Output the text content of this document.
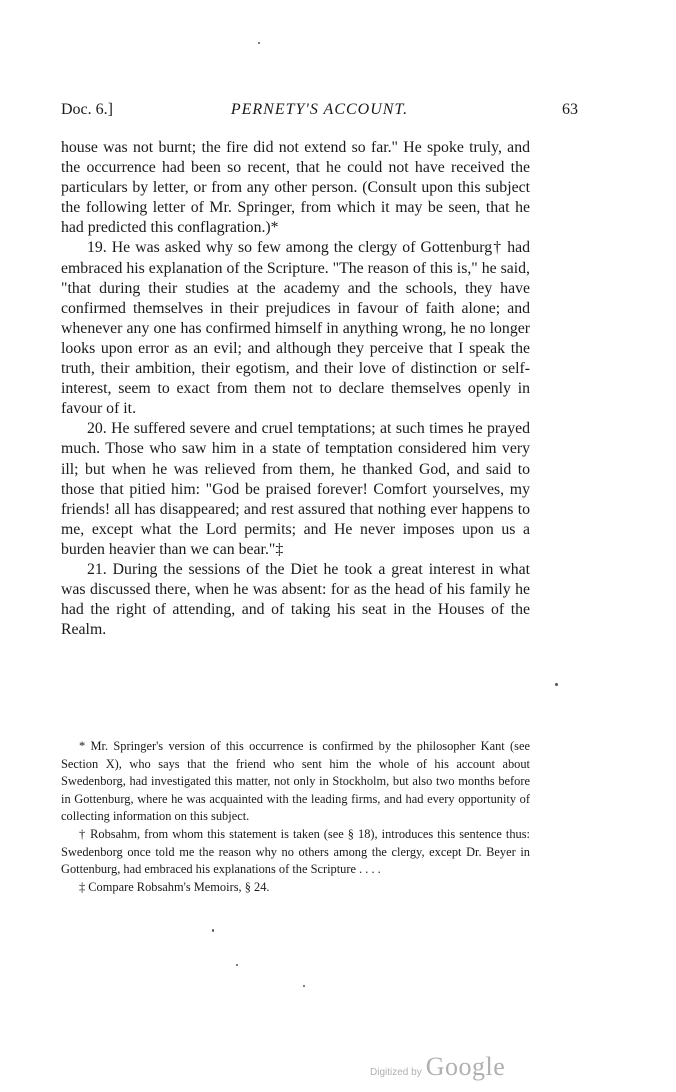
Doc. 6.]	PERNETY'S ACCOUNT.	63

house was not burnt; the fire did not extend so far." He spoke truly, and the occurrence had been so recent, that he could not have received the particulars by letter, or from any other person. (Consult upon this subject the following letter of Mr. Springer, from which it may be seen, that he had predicted this conflagration.)*

19. He was asked why so few among the clergy of Gottenburg† had embraced his explanation of the Scripture. "The reason of this is," he said, "that during their studies at the academy and the schools, they have confirmed themselves in their prejudices in favour of faith alone; and whenever any one has confirmed himself in anything wrong, he no longer looks upon error as an evil; and although they perceive that I speak the truth, their ambition, their egotism, and their love of distinction or self-interest, seem to exact from them not to declare themselves openly in favour of it.

20. He suffered severe and cruel temptations; at such times he prayed much. Those who saw him in a state of temptation considered him very ill; but when he was relieved from them, he thanked God, and said to those that pitied him: "God be praised forever! Comfort yourselves, my friends! all has disappeared; and rest assured that nothing ever happens to me, except what the Lord permits; and He never imposes upon us a burden heavier than we can bear."‡

21. During the sessions of the Diet he took a great interest in what was discussed there, when he was absent: for as the head of his family he had the right of attending, and of taking his seat in the Houses of the Realm.

* Mr. Springer's version of this occurrence is confirmed by the philosopher Kant (see Section X), who says that the friend who sent him the whole of his account about Swedenborg, had investigated this matter, not only in Stockholm, but also two months before in Gottenburg, where he was acquainted with the leading firms, and had every opportunity of collecting information on this subject.

† Robsahm, from whom this statement is taken (see § 18), introduces this sentence thus: Swedenborg once told me the reason why no others among the clergy, except Dr. Beyer in Gottenburg, had embraced his explanations of the Scripture . . . .

‡ Compare Robsahm's Memoirs, § 24.

Digitized by Google
